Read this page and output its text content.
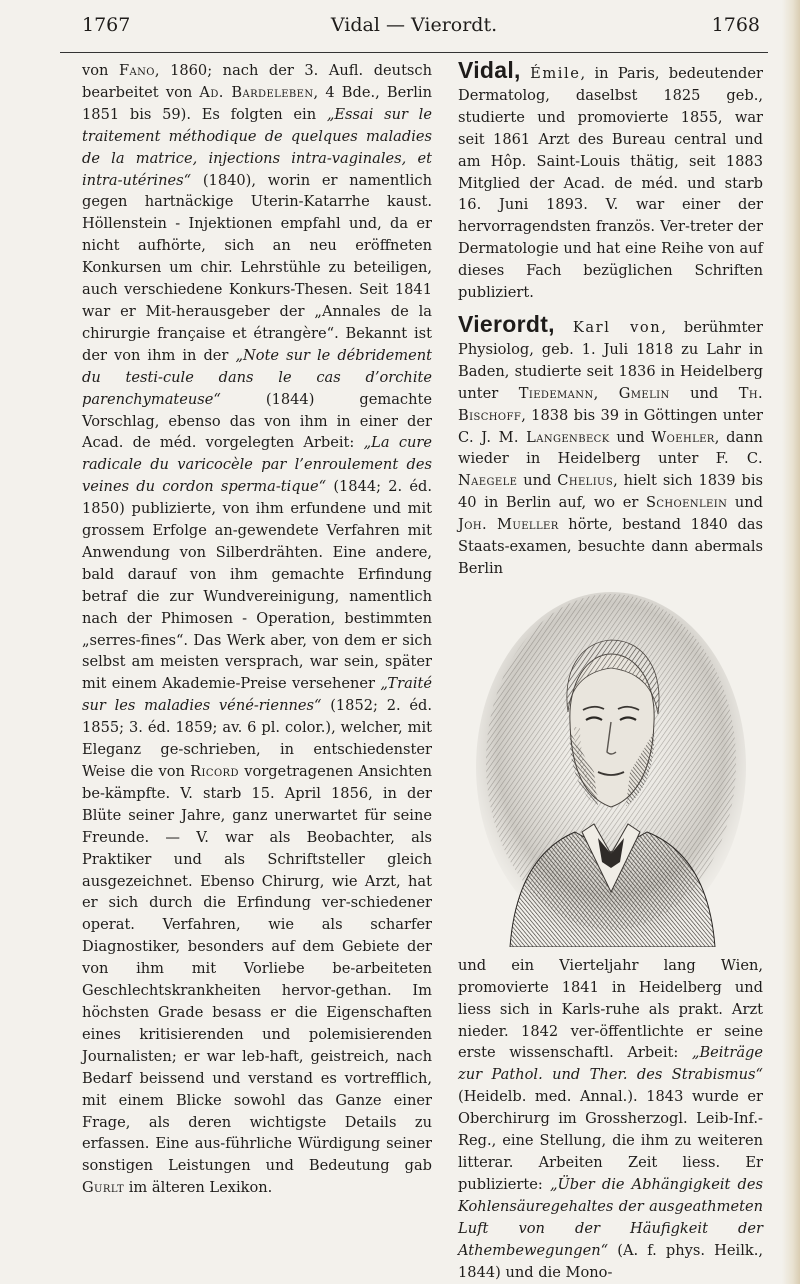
1767	Vidal — Vierordt.	1768

von Fano, 1860; nach der 3. Aufl. deutsch bearbeitet von Ad. Bardeleben, 4 Bde., Berlin 1851 bis 59). Es folgten ein „Essai sur le traitement méthodique de quelques maladies de la matrice, injections intra-vaginales, et intra-utérines“ (1840), worin er namentlich gegen hartnäckige Uterin-Katarrhe kaust. Höllenstein - Injektionen empfahl und, da er nicht aufhörte, sich an neu eröffneten Konkursen um chir. Lehrstühle zu beteiligen, auch verschiedene Konkurs-Thesen. Seit 1841 war er Mit-herausgeber der „Annales de la chirurgie française et étrangère“. Bekannt ist der von ihm in der „Note sur le débridement du testi-cule dans le cas d’orchite parenchymateuse“ (1844) gemachte Vorschlag, ebenso das von ihm in einer der Acad. de méd. vorgelegten Arbeit: „La cure radicale du varicocèle par l’enroulement des veines du cordon sperma-tique“ (1844; 2. éd. 1850) publizierte, von ihm erfundene und mit grossem Erfolge an-gewendete Verfahren mit Anwendung von Silberdrähten. Eine andere, bald darauf von ihm gemachte Erfindung betraf die zur Wundvereinigung, namentlich nach der Phimosen - Operation, bestimmten „serres-fines“. Das Werk aber, von dem er sich selbst am meisten versprach, war sein, später mit einem Akademie-Preise versehener „Traité sur les maladies véné-riennes“ (1852; 2. éd. 1855; 3. éd. 1859; av. 6 pl. color.), welcher, mit Eleganz ge-schrieben, in entschiedenster Weise die von Ricord vorgetragenen Ansichten be-kämpfte. V. starb 15. April 1856, in der Blüte seiner Jahre, ganz unerwartet für seine Freunde. — V. war als Beobachter, als Praktiker und als Schriftsteller gleich ausgezeichnet. Ebenso Chirurg, wie Arzt, hat er sich durch die Erfindung ver-schiedener operat. Verfahren, wie als scharfer Diagnostiker, besonders auf dem Gebiete der von ihm mit Vorliebe be-arbeiteten Geschlechtskrankheiten hervor-gethan. Im höchsten Grade besass er die Eigenschaften eines kritisierenden und polemisierenden Journalisten; er war leb-haft, geistreich, nach Bedarf beissend und verstand es vortrefflich, mit einem Blicke sowohl das Ganze einer Frage, als deren wichtigste Details zu erfassen. Eine aus-führliche Würdigung seiner sonstigen Leistungen und Bedeutung gab Gurlt im älteren Lexikon.

Vidal, Émile, in Paris, bedeutender Dermatolog, daselbst 1825 geb., studierte und promovierte 1855, war seit 1861 Arzt des Bureau central und am Hôp. Saint-Louis thätig, seit 1883 Mitglied der Acad. de méd. und starb 16. Juni 1893. V. war einer der hervorragendsten französ. Ver-treter der Dermatologie und hat eine Reihe von auf dieses Fach bezüglichen Schriften publiziert.

Vierordt, Karl von, berühmter Physiolog, geb. 1. Juli 1818 zu Lahr in Baden, studierte seit 1836 in Heidelberg unter Tiedemann, Gmelin und Th. Bischoff, 1838 bis 39 in Göttingen unter C. J. M. Langenbeck und Woehler, dann wieder in Heidelberg unter F. C. Naegele und Chelius, hielt sich 1839 bis 40 in Berlin auf, wo er Schoenlein und Joh. Mueller hörte, bestand 1840 das Staats-examen, besuchte dann abermals Berlin

und ein Vierteljahr lang Wien, promovierte 1841 in Heidelberg und liess sich in Karls-ruhe als prakt. Arzt nieder. 1842 ver-öffentlichte er seine erste wissenschaftl. Arbeit: „Beiträge zur Pathol. und Ther. des Strabismus“ (Heidelb. med. Annal.). 1843 wurde er Oberchirurg im Grossherzogl. Leib-Inf.-Reg., eine Stellung, die ihm zu weiteren litterar. Arbeiten Zeit liess. Er publizierte: „Über die Abhängigkeit des Kohlensäuregehaltes der ausgeathmeten Luft von der Häufigkeit der Athembewegungen“ (A. f. phys. Heilk., 1844) und die Mono-
